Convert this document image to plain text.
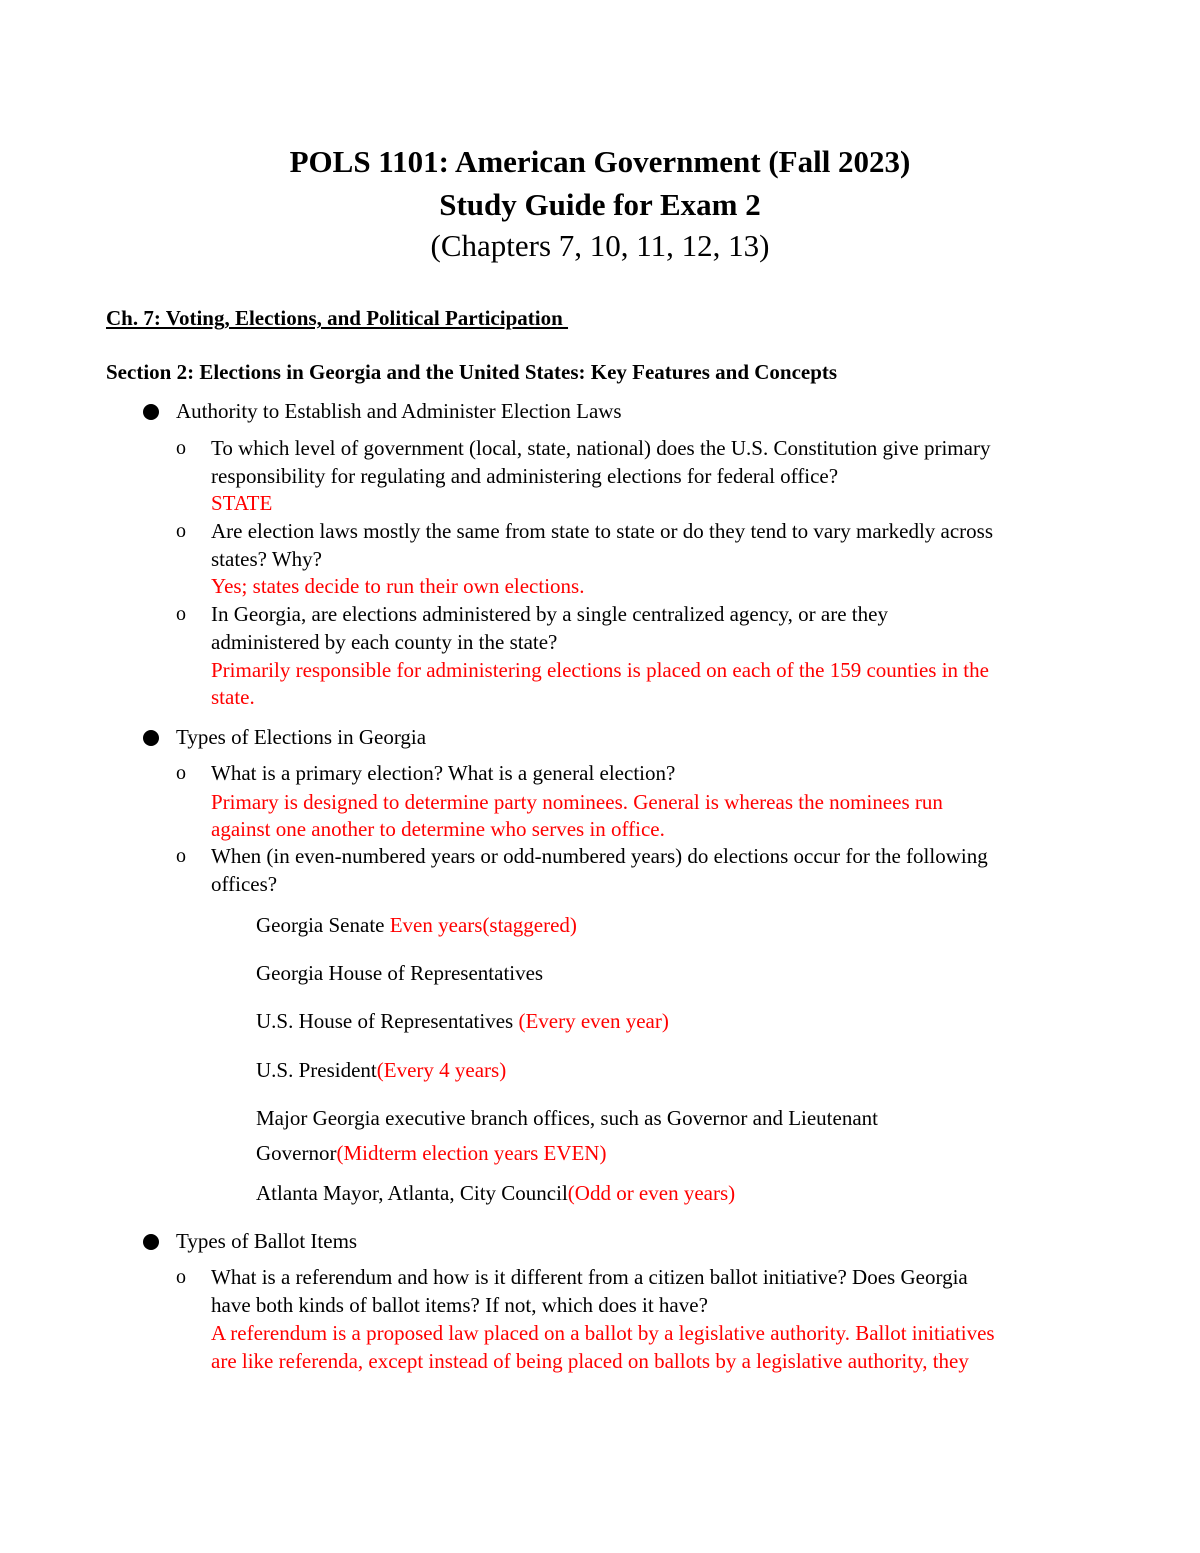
POLS 1101: American Government (Fall 2023)
Study Guide for Exam 2
(Chapters 7, 10, 11, 12, 13)
Ch. 7: Voting, Elections, and Political Participation
Section 2: Elections in Georgia and the United States: Key Features and Concepts
Authority to Establish and Administer Election Laws
o To which level of government (local, state, national) does the U.S. Constitution give primary
responsibility for regulating and administering elections for federal office?
STATE
o Are election laws mostly the same from state to state or do they tend to vary markedly across
states? Why?
Yes; states decide to run their own elections.
o In Georgia, are elections administered by a single centralized agency, or are they
administered by each county in the state?
Primarily responsible for administering elections is placed on each of the 159 counties in the
state.
Types of Elections in Georgia
o What is a primary election? What is a general election?
Primary is designed to determine party nominees. General is whereas the nominees run
against one another to determine who serves in office.
o When (in even-numbered years or odd-numbered years) do elections occur for the following
offices?
Georgia Senate Even years(staggered)
Georgia House of Representatives
U.S. House of Representatives (Every even year)
U.S. President(Every 4 years)
Major Georgia executive branch offices, such as Governor and Lieutenant
Governor(Midterm election years EVEN)
Atlanta Mayor, Atlanta, City Council(Odd or even years)
Types of Ballot Items
o What is a referendum and how is it different from a citizen ballot initiative? Does Georgia
have both kinds of ballot items? If not, which does it have?
A referendum is a proposed law placed on a ballot by a legislative authority. Ballot initiatives
are like referenda, except instead of being placed on ballots by a legislative authority, they
